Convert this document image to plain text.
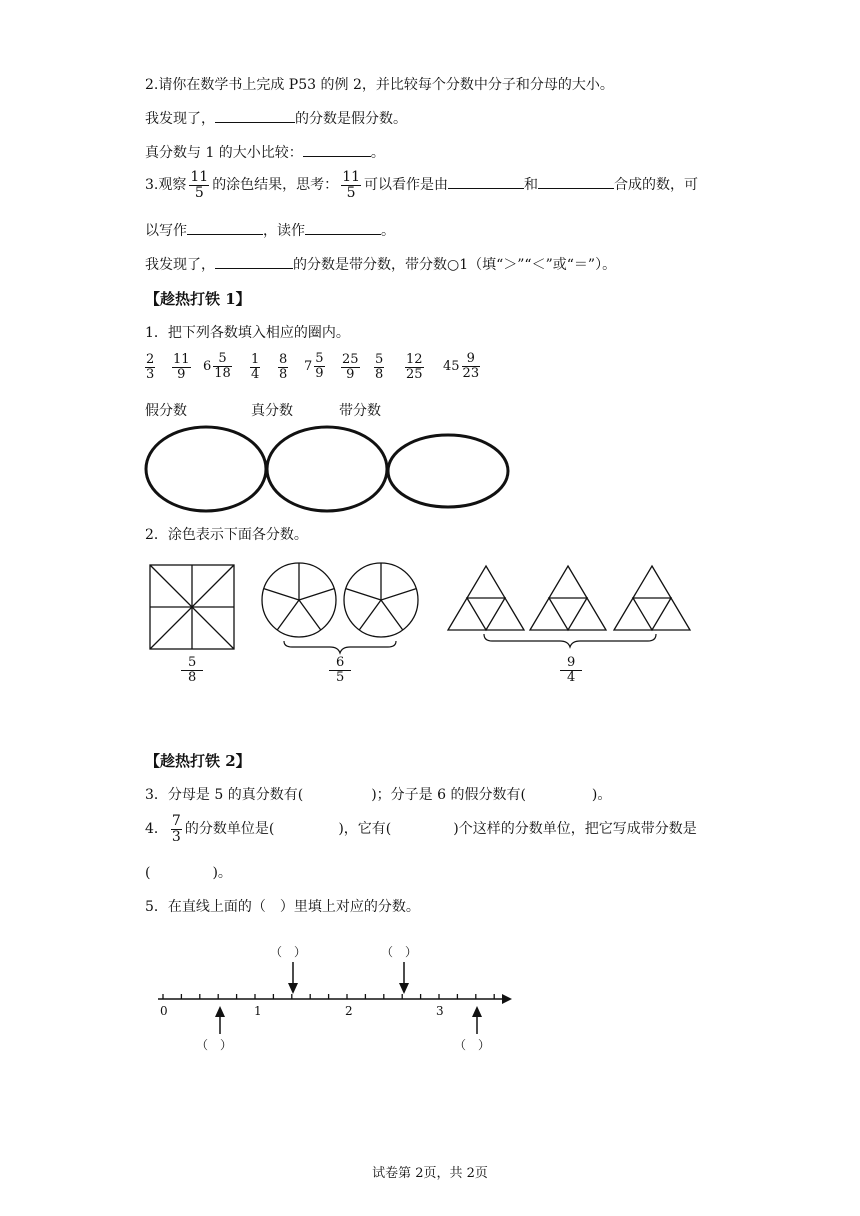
2.请你在数学书上完成 P53 的例 2，并比较每个分数中分子和分母的大小。
我发现了，	的分数是假分数。
真分数与 1 的大小比较：	。
3.观察 $\frac{11}{5}$ 的涂色结果，思考： $\frac{11}{5}$ 可以看作是由	和	合成的数，可
以写作	，读作	。
我发现了，	的分数是带分数，带分数○1（填“＞”“＜”或“＝”）。
【趁热打铁 1】
1．把下列各数填入相应的圈内。
$\frac{2}{3} \frac{11}{9} 6 \frac{5}{18} \frac{1}{4} \frac{8}{8} 7 \frac{5}{9} \frac{25}{9} \frac{5}{8} \frac{12}{25} 45 \frac{9}{23}$
假分数	真分数	带分数
2．涂色表示下面各分数。
$\frac{5}{8}$	$\frac{6}{5}$	$\frac{9}{4}$
【趁热打铁 2】
3．分母是 5 的真分数有(	)；分子是 6 的假分数有(	)。
4． $\frac{7}{3}$ 的分数单位是(	)，它有(	)个这样的分数单位，把它写成带分数是
(	)。
5．在直线上面的（　）里填上对应的分数。
0	1	2	3
（　）	（　）
（　）	（　）
试卷第 2页，共 2页
